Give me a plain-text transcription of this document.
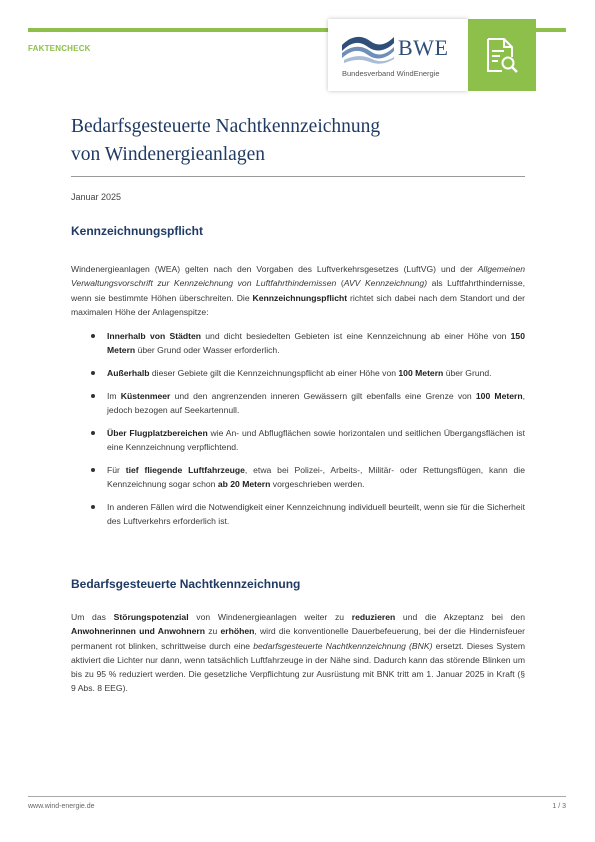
FAKTENCHECK	BWE
Bundesverband WindEnergie
Bedarfsgesteuerte Nachtkennzeichnung
von Windenergieanlagen
Januar 2025
Kennzeichnungspflicht
Windenergieanlagen (WEA) gelten nach den Vorgaben des Luftverkehrsgesetzes (LuftVG) und der Allgemeinen Verwaltungsvorschrift zur Kennzeichnung von Luftfahrthindernissen (AVV Kennzeichnung) als Luftfahrthindernisse, wenn sie bestimmte Höhen überschreiten. Die Kennzeichnungspflicht richtet sich dabei nach dem Standort und der maximalen Höhe der Anlagenspitze:
Innerhalb von Städten und dicht besiedelten Gebieten ist eine Kennzeichnung ab einer Höhe von 150 Metern über Grund oder Wasser erforderlich.
Außerhalb dieser Gebiete gilt die Kennzeichnungspflicht ab einer Höhe von 100 Metern über Grund.
Im Küstenmeer und den angrenzenden inneren Gewässern gilt ebenfalls eine Grenze von 100 Metern, jedoch bezogen auf Seekartennull.
Über Flugplatzbereichen wie An- und Abflugflächen sowie horizontalen und seitlichen Übergangsflächen ist eine Kennzeichnung verpflichtend.
Für tief fliegende Luftfahrzeuge, etwa bei Polizei-, Arbeits-, Militär- oder Rettungsflügen, kann die Kennzeichnung sogar schon ab 20 Metern vorgeschrieben werden.
In anderen Fällen wird die Notwendigkeit einer Kennzeichnung individuell beurteilt, wenn sie für die Sicherheit des Luftverkehrs erforderlich ist.
Bedarfsgesteuerte Nachtkennzeichnung
Um das Störungspotenzial von Windenergieanlagen weiter zu reduzieren und die Akzeptanz bei den Anwohnerinnen und Anwohnern zu erhöhen, wird die konventionelle Dauerbefeuerung, bei der die Hindernisfeuer permanent rot blinken, schrittweise durch eine bedarfsgesteuerte Nachtkennzeichnung (BNK) ersetzt. Dieses System aktiviert die Lichter nur dann, wenn tatsächlich Luftfahrzeuge in der Nähe sind. Dadurch kann das störende Blinken um bis zu 95 % reduziert werden. Die gesetzliche Verpflichtung zur Ausrüstung mit BNK tritt am 1. Januar 2025 in Kraft (§ 9 Abs. 8 EEG).
www.wind-energie.de	1 / 3
